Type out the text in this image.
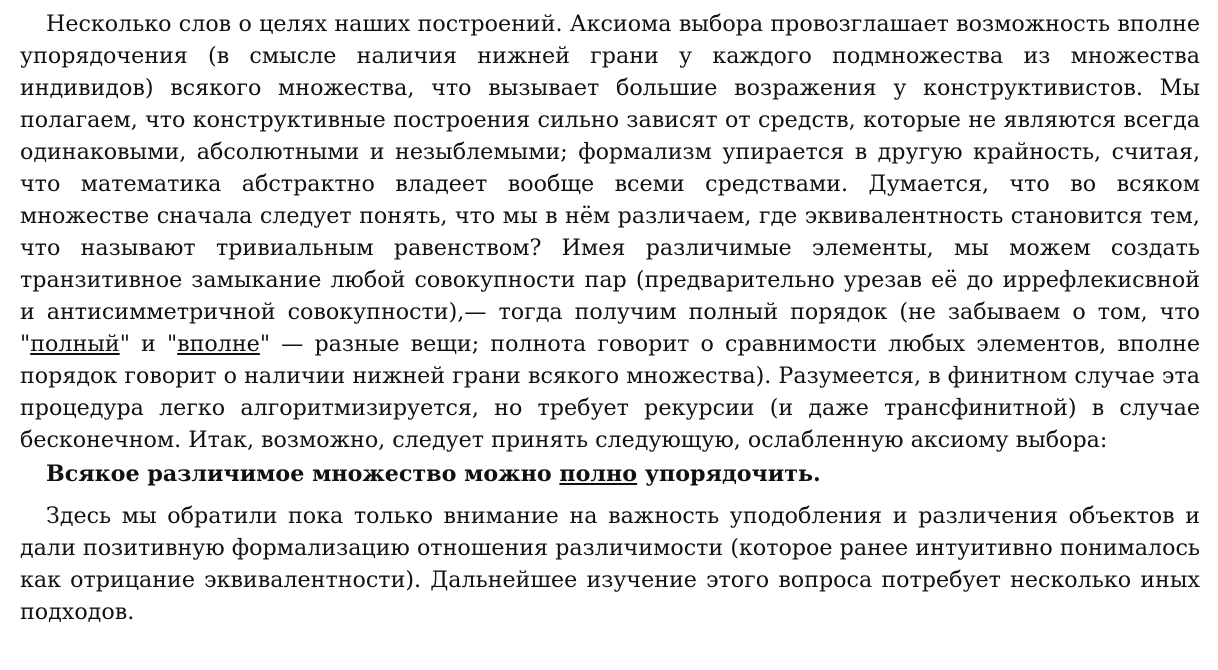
Несколько слов о целях наших построений. Аксиома выбора провозглашает возможность вполне упорядочения (в смысле наличия нижней грани у каждого подмножества из множества индивидов) всякого множества, что вызывает большие возражения у конструктивистов. Мы полагаем, что конструктивные построения сильно зависят от средств, которые не являются всегда одинаковыми, абсолютными и незыблемыми; формализм упирается в другую крайность, считая, что математика абстрактно владеет вообще всеми средствами. Думается, что во всяком множестве сначала следует понять, что мы в нём различаем, где эквивалентность становится тем, что называют тривиальным равенством? Имея различимые элементы, мы можем создать транзитивное замыкание любой совокупности пар (предварительно урезав её до иррефлекисвной и антисимметричной совокупности),— тогда получим полный порядок (не забываем о том, что "полный" и "вполне" — разные вещи; полнота говорит о сравнимости любых элементов, вполне порядок говорит о наличии нижней грани всякого множества). Разумеется, в финитном случае эта процедура легко алгоритмизируется, но требует рекурсии (и даже трансфинитной) в случае бесконечном. Итак, возможно, следует принять следующую, ослабленную аксиому выбора:

Всякое различимое множество можно полно упорядочить.

Здесь мы обратили пока только внимание на важность уподобления и различения объектов и дали позитивную формализацию отношения различимости (которое ранее интуитивно понималось как отрицание эквивалентности). Дальнейшее изучение этого вопроса потребует несколько иных подходов.
